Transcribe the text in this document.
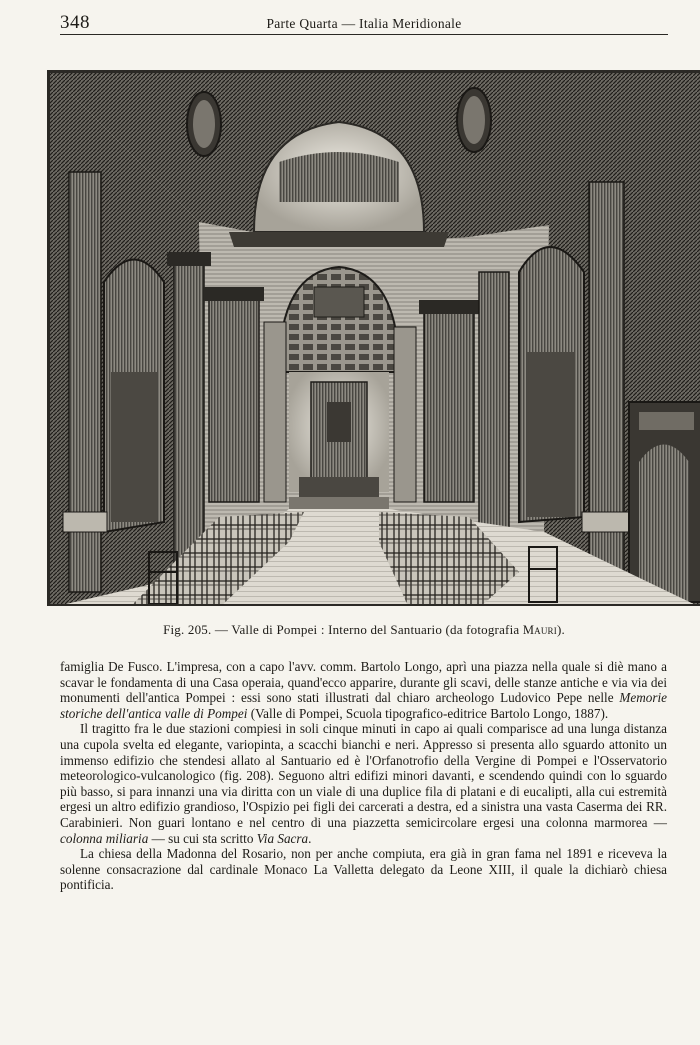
348	Parte Quarta — Italia Meridionale
Fig. 205. — Valle di Pompei : Interno del Santuario (da fotografia Mauri).

famiglia De Fusco. L'impresa, con a capo l'avv. comm. Bartolo Longo, aprì una piazza nella quale si diè mano a scavar le fondamenta di una Casa operaia, quand'ecco apparire, durante gli scavi, delle stanze antiche e via via dei monumenti dell'antica Pompei : essi sono stati illustrati dal chiaro archeologo Ludovico Pepe nelle Memorie storiche dell'antica valle di Pompei (Valle di Pompei, Scuola tipografico-editrice Bartolo Longo, 1887).

Il tragitto fra le due stazioni compiesi in soli cinque minuti in capo ai quali comparisce ad una lunga distanza una cupola svelta ed elegante, variopinta, a scacchi bianchi e neri. Appresso si presenta allo sguardo attonito un immenso edifizio che stendesi allato al Santuario ed è l'Orfanotrofio della Vergine di Pompei e l'Osservatorio meteorologico-vulcanologico (fig. 208). Seguono altri edifizi minori davanti, e scendendo quindi con lo sguardo più basso, si para innanzi una via diritta con un viale di una duplice fila di platani e di eucalipti, alla cui estremità ergesi un altro edifizio grandioso, l'Ospizio pei figli dei carcerati a destra, ed a sinistra una vasta Caserma dei RR. Carabinieri. Non guari lontano e nel centro di una piazzetta semicircolare ergesi una colonna marmorea — colonna miliaria — su cui sta scritto Via Sacra.

La chiesa della Madonna del Rosario, non per anche compiuta, era già in gran fama nel 1891 e riceveva la solenne consacrazione dal cardinale Monaco La Valletta delegato da Leone XIII, il quale la dichiarò chiesa pontificia.
